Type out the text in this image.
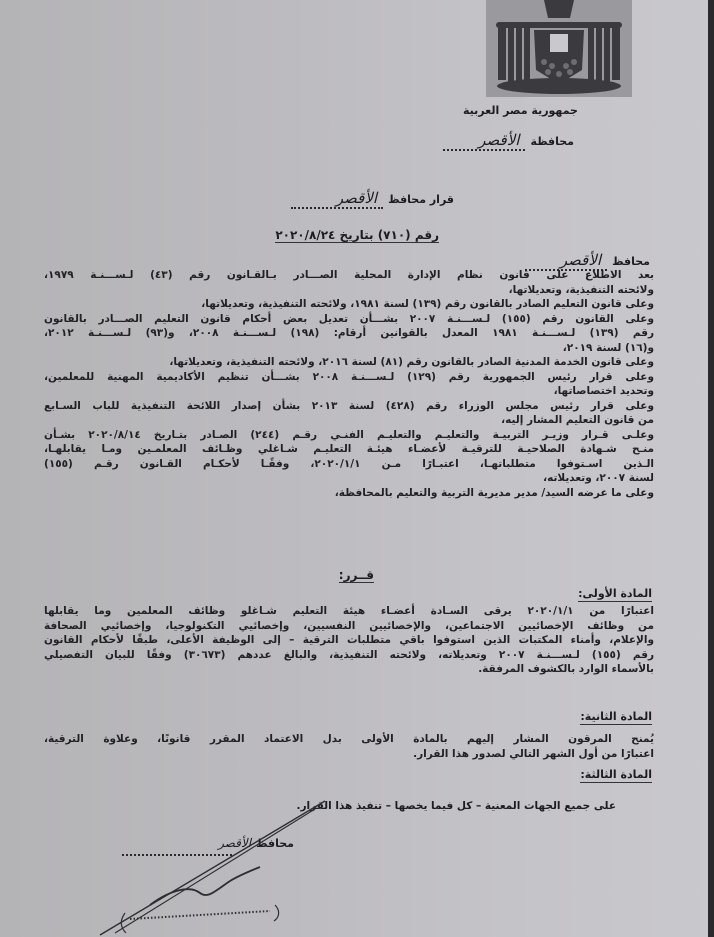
جمهورية مصر العربية
محافظة الأقصر
قرار محافظ الأقصر
رقم (٧١٠) بتاريخ ٢٠٢٠/٨/٢٤
محافظ الأقصر
بعد الاطلاع على قانون نظام الإدارة المحلية الصـــادر بـالقـانون رقم (٤٣) لـســـنـة ١٩٧٩،
ولائحته التنفيذية، وتعديلاتها،
وعلى قانون التعليم الصادر بالقانون رقم (١٣٩) لسنة ١٩٨١، ولائحته التنفيذية، وتعديلاتها،
وعلى القانون رقم (١٥٥) لـســـنـة ٢٠٠٧ بشـــأن تعديل بعض أحكام قانون التعليم الصـــادر بالقانون
رقم (١٣٩) لـســـنـة ١٩٨١ المعدل بالقوانين أرقام: (١٩٨) لـســـنـة ٢٠٠٨، و(٩٣) لـســـنـة ٢٠١٢،
و(١٦) لسنة ٢٠١٩،
وعلى قانون الخدمة المدنية الصادر بالقانون رقم (٨١) لسنة ٢٠١٦، ولائحته التنفيذية، وتعديلاتها،
وعلى قرار رئيس الجمهورية رقم (١٢٩) لـســـنـة ٢٠٠٨ بشـــأن تنظيم الأكاديمية المهنية للمعلمين،
وتحديد اختصاصاتها،
وعلى قرار رئيس مجلس الوزراء رقم (٤٢٨) لسنة ٢٠١٣ بشأن إصدار اللائحة التنفيذية للباب السـابع
من قانون التعليم المشار إليه،
وعلـى قـرار وزيـر التربيـة والتعليـم والتعليـم الفنـي رقـم (٢٤٤) الصـادر بتـاريخ ٢٠٢٠/٨/١٤ بشـأن
منـح شـهادة الصلاحيـة للترقيـة لأعضـاء هيئـة التعليـم شـاغلي وظـائف المعلمـين ومـا يقابلهـا،
الـذين اسـتوفوا متطلباتهـا، اعتبـارًا مـن ٢٠٢٠/١/١، وفقًـا لأحكـام القـانون رقـم (١٥٥)
لسنة ٢٠٠٧، وتعديلاته،
وعلى ما عرضه السيد/ مدير مديرية التربية والتعليم بالمحافظة،
قــرر:
المادة الأولى:
اعتبارًا من ٢٠٢٠/١/١ يرقى السـادة أعضـاء هيئة التعليم شـاغلو وظائف المعلمين وما يقابلها
من وظائف الإخصائيين الاجتماعين، والإخصائيين النفسيين، وإخصائيي التكنولوجيا، وإخصائيي الصحافة
والإعلام، وأمناء المكتبات الذين استوفوا باقي متطلبات الترقية – إلى الوظيفة الأعلى، طبقًا لأحكام القانون
رقم (١٥٥) لـســـنـة ٢٠٠٧ وتعديلاته، ولائحته التنفيذية، والبالغ عددهم (٣٠٦٧٣) وفقًا للبيان التفصيلي
بالأسماء الوارد بالكشوف المرفقة.
المادة الثانية:
يُمنح المرقون المشار إليهم بالمادة الأولى بدل الاعتماد المقرر قانونًا، وعلاوة الترقية،
اعتبارًا من أول الشهر التالي لصدور هذا القرار.
المادة الثالثة:
على جميع الجهات المعنية – كل فيما يخصها – تنفيذ هذا القرار.
محافظ الأقصر
